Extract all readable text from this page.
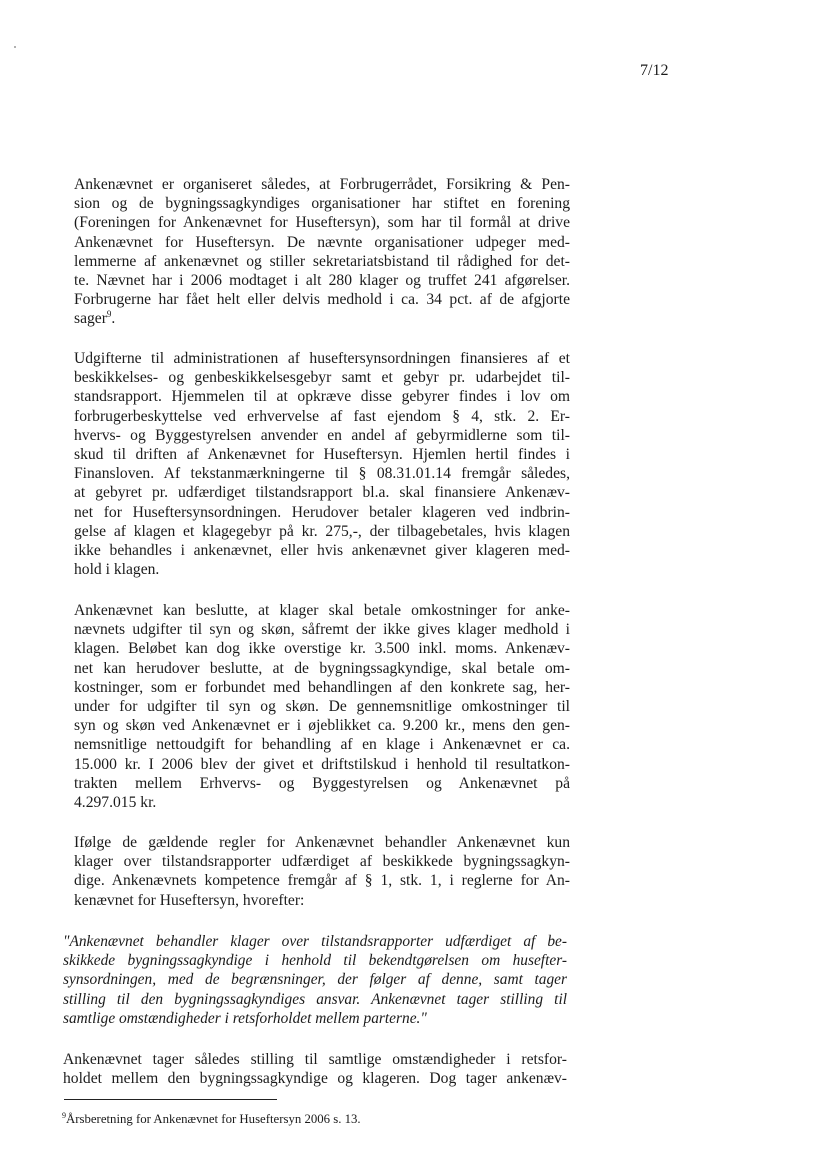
7/12
Ankenævnet er organiseret således, at Forbrugerrådet, Forsikring & Pen-
sion og de bygningssagkyndiges organisationer har stiftet en forening
(Foreningen for Ankenævnet for Huseftersyn), som har til formål at drive
Ankenævnet for Huseftersyn. De nævnte organisationer udpeger med-
lemmerne af ankenævnet og stiller sekretariatsbistand til rådighed for det-
te. Nævnet har i 2006 modtaget i alt 280 klager og truffet 241 afgørelser.
Forbrugerne har fået helt eller delvis medhold i ca. 34 pct. af de afgjorte
sager$^9$.
Udgifterne til administrationen af huseftersynsordningen finansieres af et
beskikkelses- og genbeskikkelsesgebyr samt et gebyr pr. udarbejdet til-
standsrapport. Hjemmelen til at opkræve disse gebyrer findes i lov om
forbrugerbeskyttelse ved erhvervelse af fast ejendom § 4, stk. 2. Er-
hvervs- og Byggestyrelsen anvender en andel af gebyrmidlerne som til-
skud til driften af Ankenævnet for Huseftersyn. Hjemlen hertil findes i
Finansloven. Af tekstanmærkningerne til § 08.31.01.14 fremgår således,
at gebyret pr. udfærdiget tilstandsrapport bl.a. skal finansiere Ankenæv-
net for Huseftersynsordningen. Herudover betaler klageren ved indbrin-
gelse af klagen et klagegebyr på kr. 275,-, der tilbagebetales, hvis klagen
ikke behandles i ankenævnet, eller hvis ankenævnet giver klageren med-
hold i klagen.
Ankenævnet kan beslutte, at klager skal betale omkostninger for anke-
nævnets udgifter til syn og skøn, såfremt der ikke gives klager medhold i
klagen. Beløbet kan dog ikke overstige kr. 3.500 inkl. moms. Ankenæv-
net kan herudover beslutte, at de bygningssagkyndige, skal betale om-
kostninger, som er forbundet med behandlingen af den konkrete sag, her-
under for udgifter til syn og skøn. De gennemsnitlige omkostninger til
syn og skøn ved Ankenævnet er i øjeblikket ca. 9.200 kr., mens den gen-
nemsnitlige nettoudgift for behandling af en klage i Ankenævnet er ca.
15.000 kr. I 2006 blev der givet et driftstilskud i henhold til resultatkon-
trakten mellem Erhvervs- og Byggestyrelsen og Ankenævnet på
4.297.015 kr.
Ifølge de gældende regler for Ankenævnet behandler Ankenævnet kun
klager over tilstandsrapporter udfærdiget af beskikkede bygningssagkyn-
dige. Ankenævnets kompetence fremgår af § 1, stk. 1, i reglerne for An-
kenævnet for Huseftersyn, hvorefter:
"Ankenævnet behandler klager over tilstandsrapporter udfærdiget af be-
skikkede bygningssagkyndige i henhold til bekendtgørelsen om husefter-
synsordningen, med de begrænsninger, der følger af denne, samt tager
stilling til den bygningssagkyndiges ansvar. Ankenævnet tager stilling til
samtlige omstændigheder i retsforholdet mellem parterne."
Ankenævnet tager således stilling til samtlige omstændigheder i retsfor-
holdet mellem den bygningssagkyndige og klageren. Dog tager ankenæv-
$^9$Årsberetning for Ankenævnet for Huseftersyn 2006 s. 13.
